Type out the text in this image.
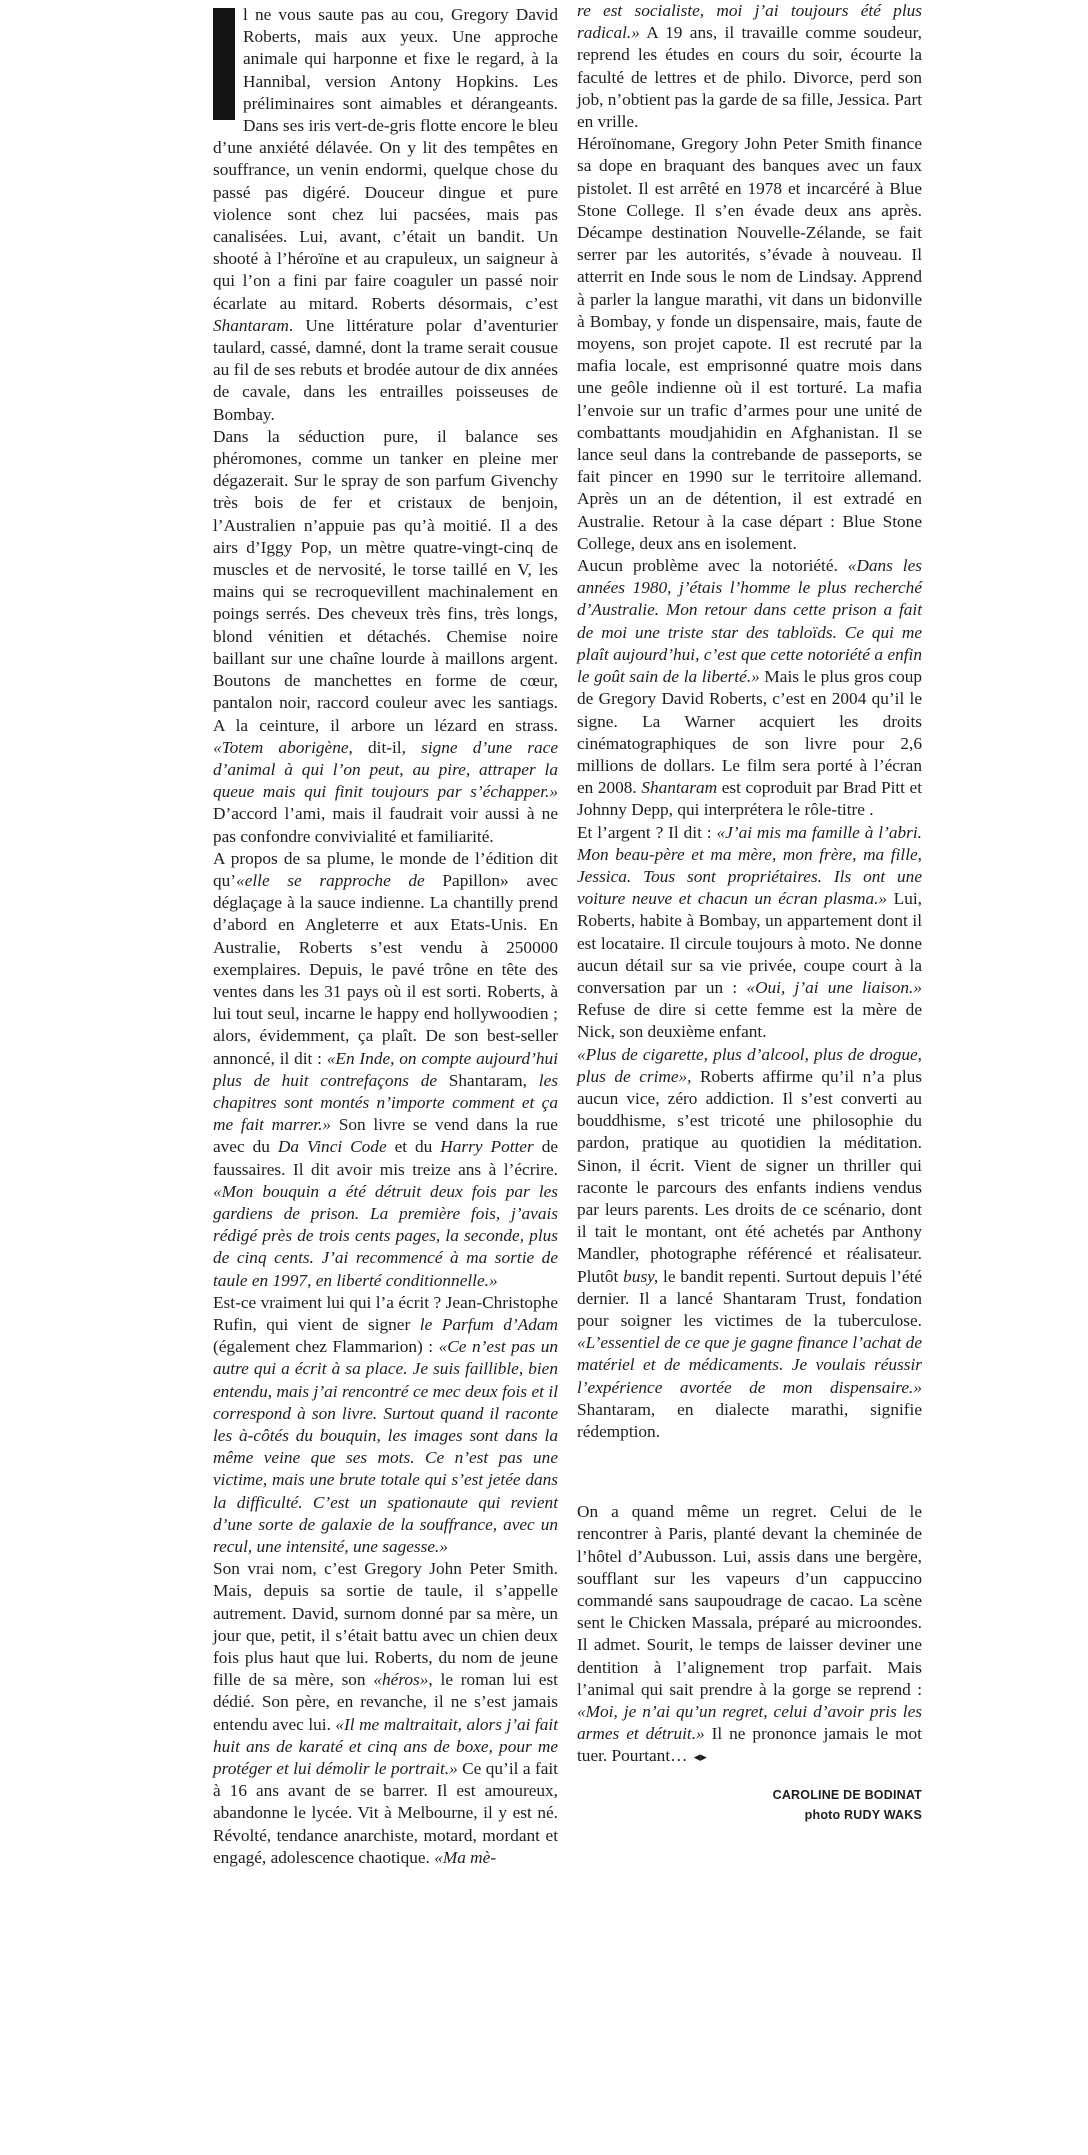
l ne vous saute pas au cou, Gregory David Roberts, mais aux yeux. Une approche animale qui harponne et fixe le regard, à la Hannibal, version Antony Hopkins. Les préliminaires sont aimables et dérangeants. Dans ses iris vert-de-gris flotte encore le bleu d’une anxiété délavée. On y lit des tempêtes en souffrance, un venin endormi, quelque chose du passé pas digéré. Douceur dingue et pure violence sont chez lui pacsées, mais pas canalisées. Lui, avant, c’était un bandit. Un shooté à l’héroïne et au crapuleux, un saigneur à qui l’on a fini par faire coaguler un passé noir écarlate au mitard. Roberts désormais, c’est Shantaram. Une littérature polar d’aventurier taulard, cassé, damné, dont la trame serait cousue au fil de ses rebuts et brodée autour de dix années de cavale, dans les entrailles poisseuses de Bombay.

Dans la séduction pure, il balance ses phéromones, comme un tanker en pleine mer dégazerait. Sur le spray de son parfum Givenchy très bois de fer et cristaux de benjoin, l’Australien n’appuie pas qu’à moitié. Il a des airs d’Iggy Pop, un mètre quatre-vingt-cinq de muscles et de nervosité, le torse taillé en V, les mains qui se recroquevillent machinalement en poings serrés. Des cheveux très fins, très longs, blond vénitien et détachés. Chemise noire baillant sur une chaîne lourde à maillons argent. Boutons de manchettes en forme de cœur, pantalon noir, raccord couleur avec les santiags. A la ceinture, il arbore un lézard en strass. «Totem aborigène, dit-il, signe d’une race d’animal à qui l’on peut, au pire, attraper la queue mais qui finit toujours par s’échapper.» D’accord l’ami, mais il faudrait voir aussi à ne pas confondre convivialité et familiarité.

A propos de sa plume, le monde de l’édition dit qu’«elle se rapproche de Papillon» avec déglaçage à la sauce indienne. La chantilly prend d’abord en Angleterre et aux Etats-Unis. En Australie, Roberts s’est vendu à 250000 exemplaires. Depuis, le pavé trône en tête des ventes dans les 31 pays où il est sorti. Roberts, à lui tout seul, incarne le happy end hollywoodien ; alors, évidemment, ça plaît. De son best-seller annoncé, il dit : «En Inde, on compte aujourd’hui plus de huit contrefaçons de Shantaram, les chapitres sont montés n’importe comment et ça me fait marrer.» Son livre se vend dans la rue avec du Da Vinci Code et du Harry Potter de faussaires. Il dit avoir mis treize ans à l’écrire. «Mon bouquin a été détruit deux fois par les gardiens de prison. La première fois, j’avais rédigé près de trois cents pages, la seconde, plus de cinq cents. J’ai recommencé à ma sortie de taule en 1997, en liberté conditionnelle.»

Est-ce vraiment lui qui l’a écrit ? Jean-Christophe Rufin, qui vient de signer le Parfum d’Adam (également chez Flammarion) : «Ce n’est pas un autre qui a écrit à sa place. Je suis faillible, bien entendu, mais j’ai rencontré ce mec deux fois et il correspond à son livre. Surtout quand il raconte les à-côtés du bouquin, les images sont dans la même veine que ses mots. Ce n’est pas une victime, mais une brute totale qui s’est jetée dans la difficulté. C’est un spationaute qui revient d’une sorte de galaxie de la souffrance, avec un recul, une intensité, une sagesse.»

Son vrai nom, c’est Gregory John Peter Smith. Mais, depuis sa sortie de taule, il s’appelle autrement. David, surnom donné par sa mère, un jour que, petit, il s’était battu avec un chien deux fois plus haut que lui. Roberts, du nom de jeune fille de sa mère, son «héros», le roman lui est dédié. Son père, en revanche, il ne s’est jamais entendu avec lui. «Il me maltraitait, alors j’ai fait huit ans de karaté et cinq ans de boxe, pour me protéger et lui démolir le portrait.» Ce qu’il a fait à 16 ans avant de se barrer. Il est amoureux, abandonne le lycée. Vit à Melbourne, il y est né. Révolté, tendance anarchiste, motard, mordant et engagé, adolescence chaotique. «Ma mè-

re est socialiste, moi j’ai toujours été plus radical.» A 19 ans, il travaille comme soudeur, reprend les études en cours du soir, écourte la faculté de lettres et de philo. Divorce, perd son job, n’obtient pas la garde de sa fille, Jessica. Part en vrille.

Héroïnomane, Gregory John Peter Smith finance sa dope en braquant des banques avec un faux pistolet. Il est arrêté en 1978 et incarcéré à Blue Stone College. Il s’en évade deux ans après. Décampe destination Nouvelle-Zélande, se fait serrer par les autorités, s’évade à nouveau. Il atterrit en Inde sous le nom de Lindsay. Apprend à parler la langue marathi, vit dans un bidonville à Bombay, y fonde un dispensaire, mais, faute de moyens, son projet capote. Il est recruté par la mafia locale, est emprisonné quatre mois dans une geôle indienne où il est torturé. La mafia l’envoie sur un trafic d’armes pour une unité de combattants moudjahidin en Afghanistan. Il se lance seul dans la contrebande de passeports, se fait pincer en 1990 sur le territoire allemand. Après un an de détention, il est extradé en Australie. Retour à la case départ : Blue Stone College, deux ans en isolement.

Aucun problème avec la notoriété. «Dans les années 1980, j’étais l’homme le plus recherché d’Australie. Mon retour dans cette prison a fait de moi une triste star des tabloïds. Ce qui me plaît aujourd’hui, c’est que cette notoriété a enfin le goût sain de la liberté.» Mais le plus gros coup de Gregory David Roberts, c’est en 2004 qu’il le signe. La Warner acquiert les droits cinématographiques de son livre pour 2,6 millions de dollars. Le film sera porté à l’écran en 2008. Shantaram est coproduit par Brad Pitt et Johnny Depp, qui interprétera le rôle-titre .

Et l’argent ? Il dit : «J’ai mis ma famille à l’abri. Mon beau-père et ma mère, mon frère, ma fille, Jessica. Tous sont propriétaires. Ils ont une voiture neuve et chacun un écran plasma.» Lui, Roberts, habite à Bombay, un appartement dont il est locataire. Il circule toujours à moto. Ne donne aucun détail sur sa vie privée, coupe court à la conversation par un : «Oui, j’ai une liaison.» Refuse de dire si cette femme est la mère de Nick, son deuxième enfant.

«Plus de cigarette, plus d’alcool, plus de drogue, plus de crime», Roberts affirme qu’il n’a plus aucun vice, zéro addiction. Il s’est converti au bouddhisme, s’est tricoté une philosophie du pardon, pratique au quotidien la méditation. Sinon, il écrit. Vient de signer un thriller qui raconte le parcours des enfants indiens vendus par leurs parents. Les droits de ce scénario, dont il tait le montant, ont été achetés par Anthony Mandler, photographe référencé et réalisateur. Plutôt busy, le bandit repenti. Surtout depuis l’été dernier. Il a lancé Shantaram Trust, fondation pour soigner les victimes de la tuberculose. «L’essentiel de ce que je gagne finance l’achat de matériel et de médicaments. Je voulais réussir l’expérience avortée de mon dispensaire.» Shantaram, en dialecte marathi, signifie rédemption.

On a quand même un regret. Celui de le rencontrer à Paris, planté devant la cheminée de l’hôtel d’Aubusson. Lui, assis dans une bergère, soufflant sur les vapeurs d’un cappuccino commandé sans saupoudrage de cacao. La scène sent le Chicken Massala, préparé au microondes. Il admet. Sourit, le temps de laisser deviner une dentition à l’alignement trop parfait. Mais l’animal qui sait prendre à la gorge se reprend : «Moi, je n’ai qu’un regret, celui d’avoir pris les armes et détruit.» Il ne prononce jamais le mot tuer. Pourtant… ◂▸

CAROLINE DE BODINAT
photo RUDY WAKS
